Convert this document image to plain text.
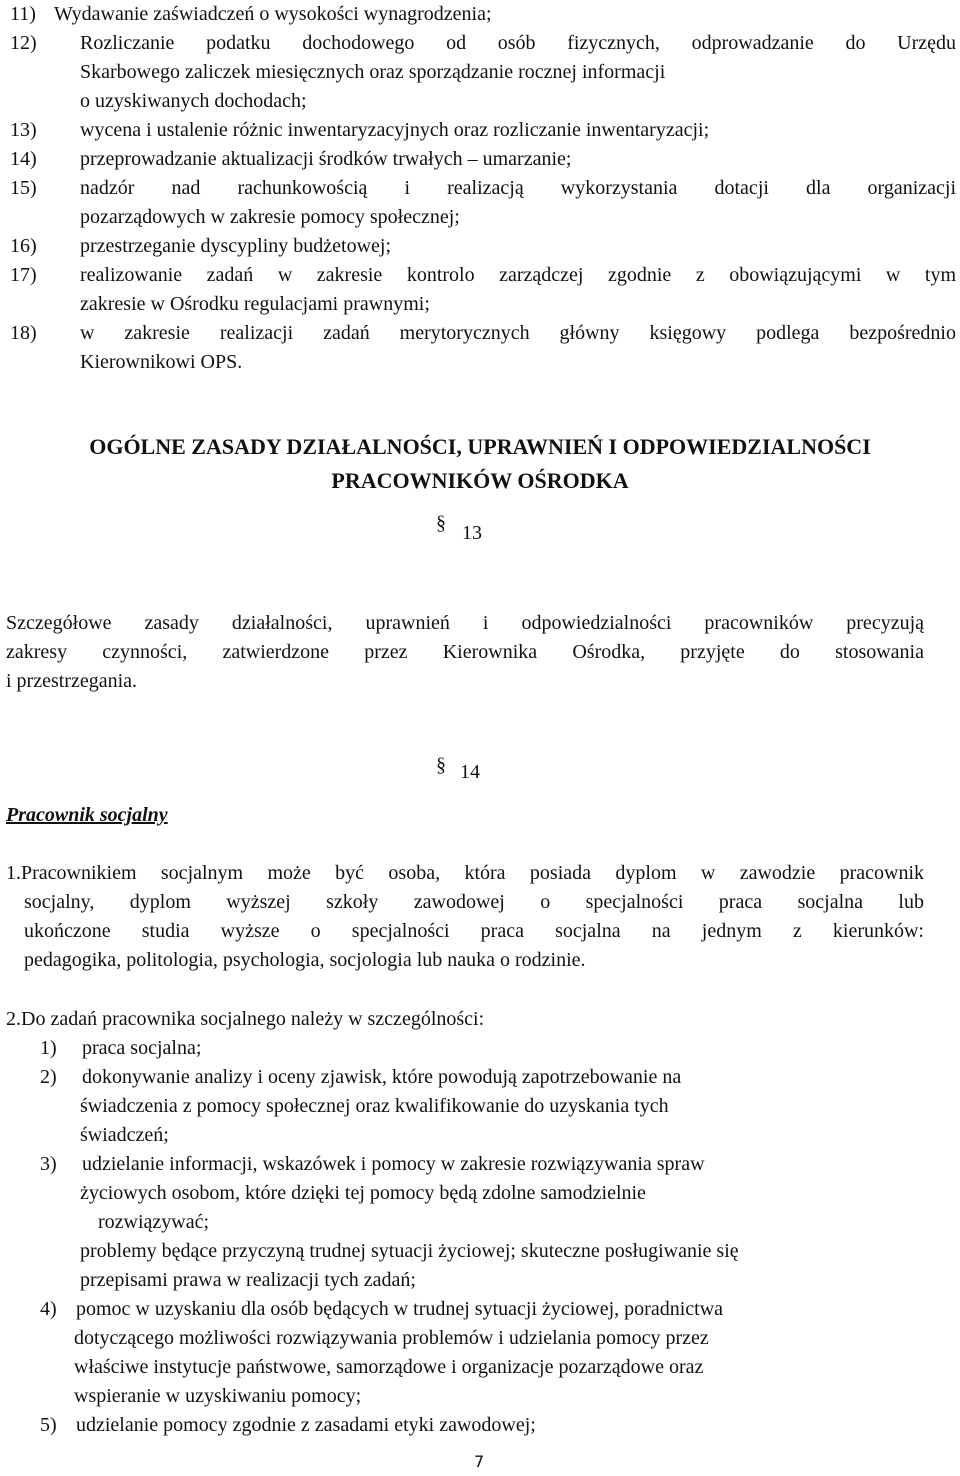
11) Wydawanie zaświadczeń o wysokości wynagrodzenia;
12) Rozliczanie podatku dochodowego od osób fizycznych, odprowadzanie do Urzędu
Skarbowego zaliczek miesięcznych oraz sporządzanie rocznej informacji
o uzyskiwanych dochodach;
13) wycena i ustalenie różnic inwentaryzacyjnych oraz rozliczanie inwentaryzacji;
14) przeprowadzanie aktualizacji środków trwałych – umarzanie;
15) nadzór nad rachunkowością i realizacją wykorzystania dotacji dla organizacji
pozarządowych w zakresie pomocy społecznej;
16) przestrzeganie dyscypliny budżetowej;
17) realizowanie zadań w zakresie kontrolo zarządczej zgodnie z obowiązującymi w tym
zakresie w Ośrodku regulacjami prawnymi;
18) w zakresie realizacji zadań merytorycznych główny księgowy podlega bezpośrednio
Kierownikowi OPS.
OGÓLNE ZASADY DZIAŁALNOŚCI, UPRAWNIEŃ I ODPOWIEDZIALNOŚCI
PRACOWNIKÓW OŚRODKA
§ 13
Szczegółowe zasady działalności, uprawnień i odpowiedzialności pracowników precyzują
zakresy czynności, zatwierdzone przez Kierownika Ośrodka, przyjęte do stosowania
i przestrzegania.
§ 14
Pracownik socjalny
1.Pracownikiem socjalnym może być osoba, która posiada dyplom w zawodzie pracownik
socjalny, dyplom wyższej szkoły zawodowej o specjalności praca socjalna lub
ukończone studia wyższe o specjalności praca socjalna na jednym z kierunków:
pedagogika, politologia, psychologia, socjologia lub nauka o rodzinie.
2.Do zadań pracownika socjalnego należy w szczególności:
1) praca socjalna;
2) dokonywanie analizy i oceny zjawisk, które powodują zapotrzebowanie na
świadczenia z pomocy społecznej oraz kwalifikowanie do uzyskania tych
świadczeń;
3) udzielanie informacji, wskazówek i pomocy w zakresie rozwiązywania spraw
życiowych osobom, które dzięki tej pomocy będą zdolne samodzielnie
rozwiązywać;
problemy będące przyczyną trudnej sytuacji życiowej; skuteczne posługiwanie się
przepisami prawa w realizacji tych zadań;
4) pomoc w uzyskaniu dla osób będących w trudnej sytuacji życiowej, poradnictwa
dotyczącego możliwości rozwiązywania problemów i udzielania pomocy przez
właściwe instytucje państwowe, samorządowe i organizacje pozarządowe oraz
wspieranie w uzyskiwaniu pomocy;
5) udzielanie pomocy zgodnie z zasadami etyki zawodowej;
7
